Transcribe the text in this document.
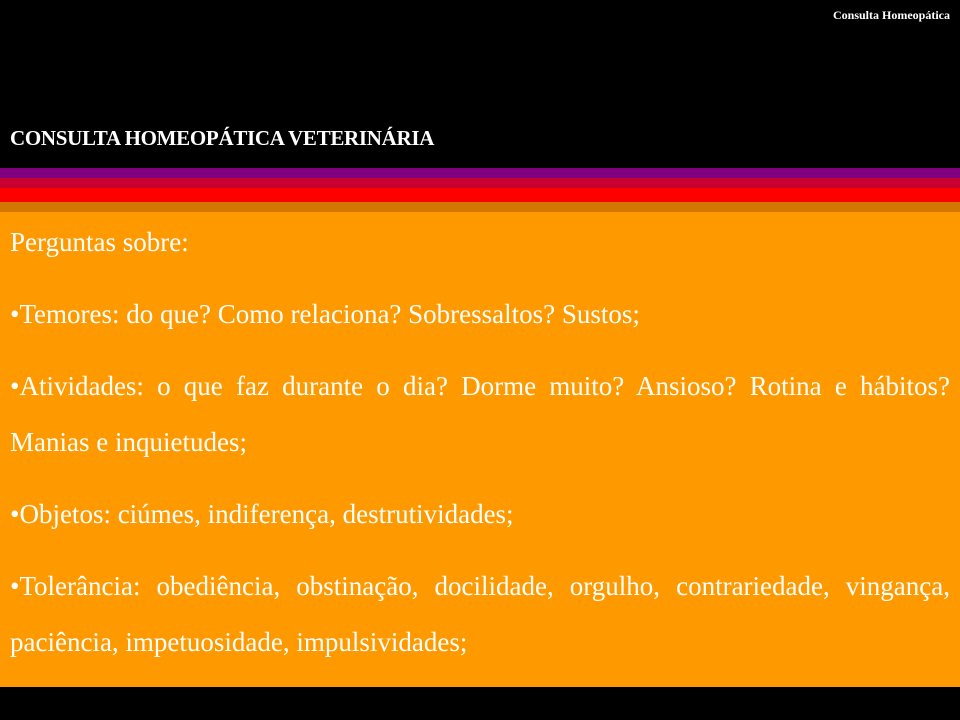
Consulta Homeopática
CONSULTA HOMEOPÁTICA VETERINÁRIA

Perguntas sobre:

•Temores: do que? Como relaciona? Sobressaltos? Sustos;

•Atividades: o que faz durante o dia? Dorme muito? Ansioso? Rotina e hábitos? Manias e inquietudes;

•Objetos: ciúmes, indiferença, destrutividades;

•Tolerância: obediência, obstinação, docilidade, orgulho, contrariedade, vingança, paciência, impetuosidade, impulsividades;
